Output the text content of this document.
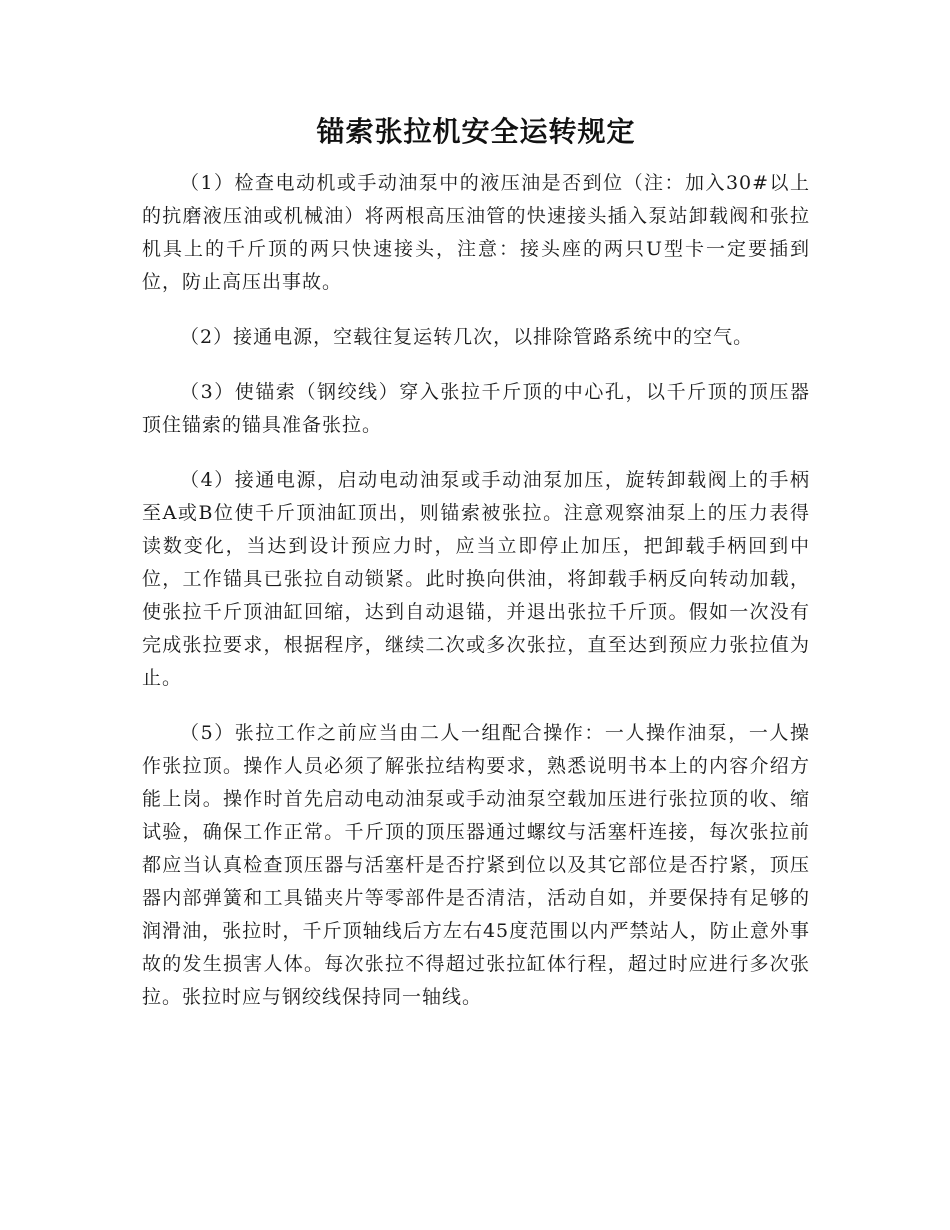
锚索张拉机安全运转规定

（1）检查电动机或手动油泵中的液压油是否到位（注：加入30#以上的抗磨液压油或机械油）将两根高压油管的快速接头插入泵站卸载阀和张拉机具上的千斤顶的两只快速接头，注意：接头座的两只U型卡一定要插到位，防止高压出事故。

（2）接通电源，空载往复运转几次，以排除管路系统中的空气。

（3）使锚索（钢绞线）穿入张拉千斤顶的中心孔，以千斤顶的顶压器顶住锚索的锚具准备张拉。

（4）接通电源，启动电动油泵或手动油泵加压，旋转卸载阀上的手柄至A或B位使千斤顶油缸顶出，则锚索被张拉。注意观察油泵上的压力表得读数变化，当达到设计预应力时，应当立即停止加压，把卸载手柄回到中位，工作锚具已张拉自动锁紧。此时换向供油，将卸载手柄反向转动加载，使张拉千斤顶油缸回缩，达到自动退锚，并退出张拉千斤顶。假如一次没有完成张拉要求，根据程序，继续二次或多次张拉，直至达到预应力张拉值为止。

（5）张拉工作之前应当由二人一组配合操作：一人操作油泵，一人操作张拉顶。操作人员必须了解张拉结构要求，熟悉说明书本上的内容介绍方能上岗。操作时首先启动电动油泵或手动油泵空载加压进行张拉顶的收、缩试验，确保工作正常。千斤顶的顶压器通过螺纹与活塞杆连接，每次张拉前都应当认真检查顶压器与活塞杆是否拧紧到位以及其它部位是否拧紧，顶压器内部弹簧和工具锚夹片等零部件是否清洁，活动自如，并要保持有足够的润滑油，张拉时，千斤顶轴线后方左右45度范围以内严禁站人，防止意外事故的发生损害人体。每次张拉不得超过张拉缸体行程，超过时应进行多次张拉。张拉时应与钢绞线保持同一轴线。
